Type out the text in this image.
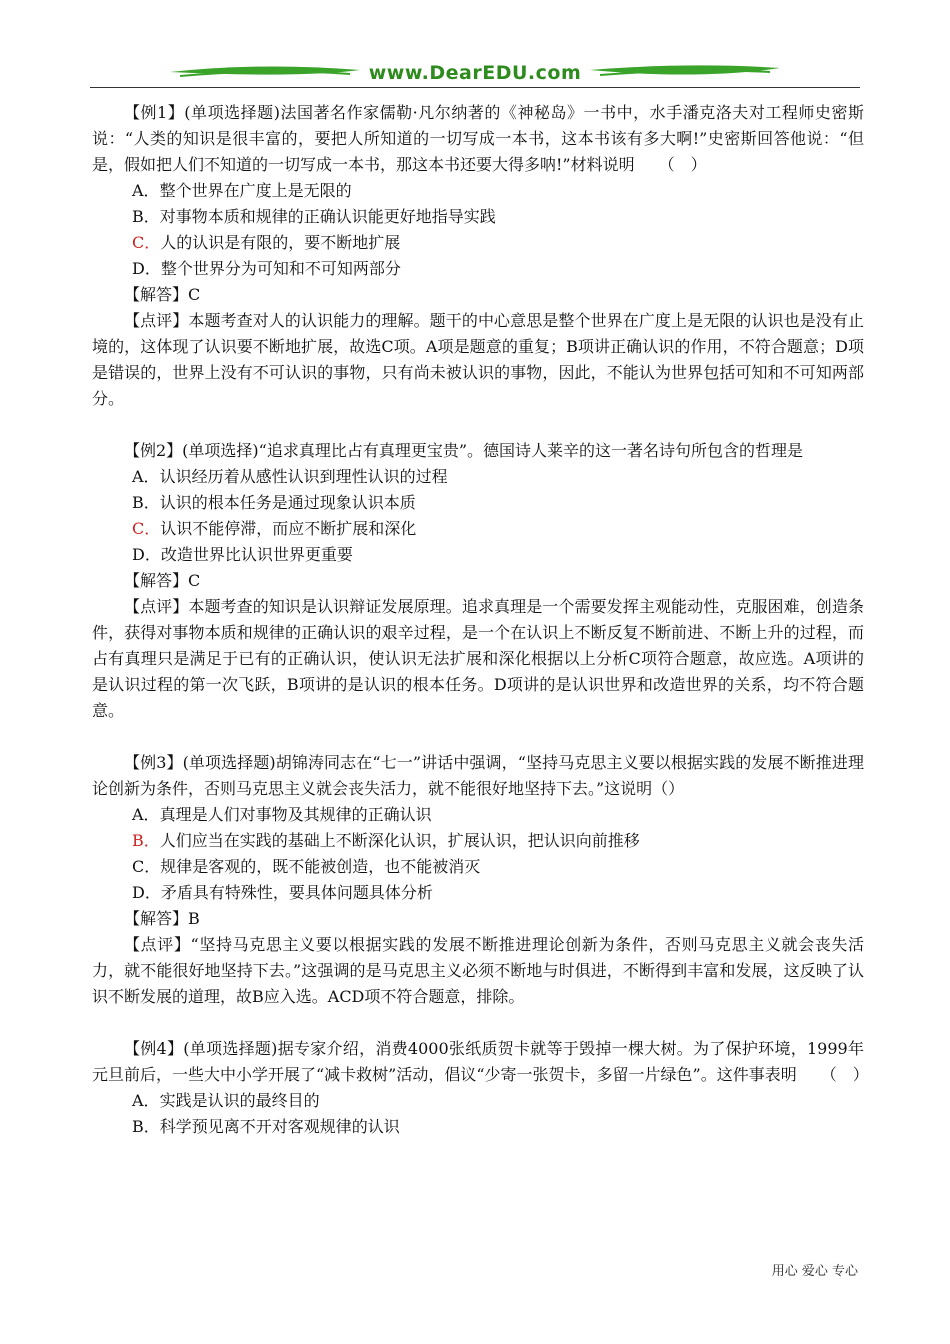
www.DearEDU.com
【例1】(单项选择题)法国著名作家儒勒·凡尔纳著的《神秘岛》一书中，水手潘克洛夫对工程师史密斯说：“人类的知识是很丰富的，要把人所知道的一切写成一本书，这本书该有多大啊!”史密斯回答他说：“但是，假如把人们不知道的一切写成一本书，那这本书还要大得多呐!”材料说明　　（　）
A．整个世界在广度上是无限的
B．对事物本质和规律的正确认识能更好地指导实践
C．人的认识是有限的，要不断地扩展
D．整个世界分为可知和不可知两部分
【解答】C
【点评】本题考查对人的认识能力的理解。题干的中心意思是整个世界在广度上是无限的认识也是没有止境的，这体现了认识要不断地扩展，故选C项。A项是题意的重复；B项讲正确认识的作用，不符合题意；D项是错误的，世界上没有不可认识的事物，只有尚未被认识的事物，因此，不能认为世界包括可知和不可知两部分。
【例2】(单项选择)“追求真理比占有真理更宝贵”。德国诗人莱辛的这一著名诗句所包含的哲理是
A．认识经历着从感性认识到理性认识的过程
B．认识的根本任务是通过现象认识本质
C．认识不能停滞，而应不断扩展和深化
D．改造世界比认识世界更重要
【解答】C
【点评】本题考查的知识是认识辩证发展原理。追求真理是一个需要发挥主观能动性，克服困难，创造条件，获得对事物本质和规律的正确认识的艰辛过程，是一个在认识上不断反复不断前进、不断上升的过程，而占有真理只是满足于已有的正确认识，使认识无法扩展和深化根据以上分析C项符合题意，故应选。A项讲的是认识过程的第一次飞跃，B项讲的是认识的根本任务。D项讲的是认识世界和改造世界的关系，均不符合题意。
【例3】(单项选择题)胡锦涛同志在“七一”讲话中强调，“坚持马克思主义要以根据实践的发展不断推进理论创新为条件，否则马克思主义就会丧失活力，就不能很好地坚持下去。”这说明（）
A．真理是人们对事物及其规律的正确认识
B．人们应当在实践的基础上不断深化认识，扩展认识，把认识向前推移
C．规律是客观的，既不能被创造，也不能被消灭
D．矛盾具有特殊性，要具体问题具体分析
【解答】B
【点评】“坚持马克思主义要以根据实践的发展不断推进理论创新为条件，否则马克思主义就会丧失活力，就不能很好地坚持下去。”这强调的是马克思主义必须不断地与时俱进，不断得到丰富和发展，这反映了认识不断发展的道理，故B应入选。ACD项不符合题意，排除。
【例4】(单项选择题)据专家介绍，消费4000张纸质贺卡就等于毁掉一棵大树。为了保护环境，1999年元旦前后，一些大中小学开展了“减卡救树”活动，倡议“少寄一张贺卡，多留一片绿色”。这件事表明　　（　）
A．实践是认识的最终目的
B．科学预见离不开对客观规律的认识
用心 爱心 专心
